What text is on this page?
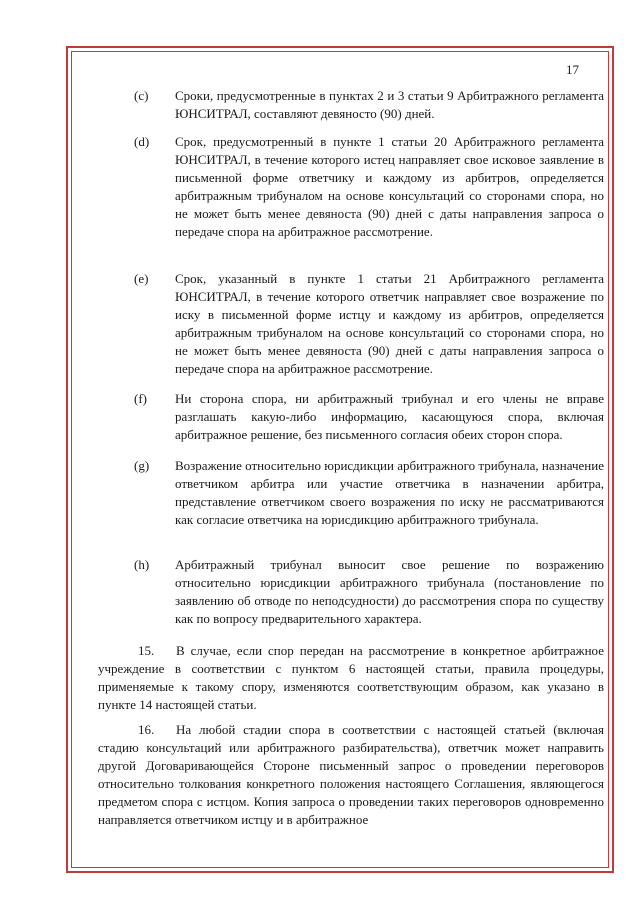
17
(c)	Сроки, предусмотренные в пунктах 2 и 3 статьи 9 Арбитражного регламента ЮНСИТРАЛ, составляют девяносто (90) дней.
(d)	Срок, предусмотренный в пункте 1 статьи 20 Арбитражного регламента ЮНСИТРАЛ, в течение которого истец направляет свое исковое заявление в письменной форме ответчику и каждому из арбитров, определяется арбитражным трибуналом на основе консультаций со сторонами спора, но не может быть менее девяноста (90) дней с даты направления запроса о передаче спора на арбитражное рассмотрение.
(e)	Срок, указанный в пункте 1 статьи 21 Арбитражного регламента ЮНСИТРАЛ, в течение которого ответчик направляет свое возражение по иску в письменной форме истцу и каждому из арбитров, определяется арбитражным трибуналом на основе консультаций со сторонами спора, но не может быть менее девяноста (90) дней с даты направления запроса о передаче спора на арбитражное рассмотрение.
(f)	Ни сторона спора, ни арбитражный трибунал и его члены не вправе разглашать какую-либо информацию, касающуюся спора, включая арбитражное решение, без письменного согласия обеих сторон спора.
(g)	Возражение относительно юрисдикции арбитражного трибунала, назначение ответчиком арбитра или участие ответчика в назначении арбитра, представление ответчиком своего возражения по иску не рассматриваются как согласие ответчика на юрисдикцию арбитражного трибунала.
(h)	Арбитражный трибунал выносит свое решение по возражению относительно юрисдикции арбитражного трибунала (постановление по заявлению об отводе по неподсудности) до рассмотрения спора по существу как по вопросу предварительного характера.
15. В случае, если спор передан на рассмотрение в конкретное арбитражное учреждение в соответствии с пунктом 6 настоящей статьи, правила процедуры, применяемые к такому спору, изменяются соответствующим образом, как указано в пункте 14 настоящей статьи.
16. На любой стадии спора в соответствии с настоящей статьей (включая стадию консультаций или арбитражного разбирательства), ответчик может направить другой Договаривающейся Стороне письменный запрос о проведении переговоров относительно толкования конкретного положения настоящего Соглашения, являющегося предметом спора с истцом. Копия запроса о проведении таких переговоров одновременно направляется ответчиком истцу и в арбитражное
